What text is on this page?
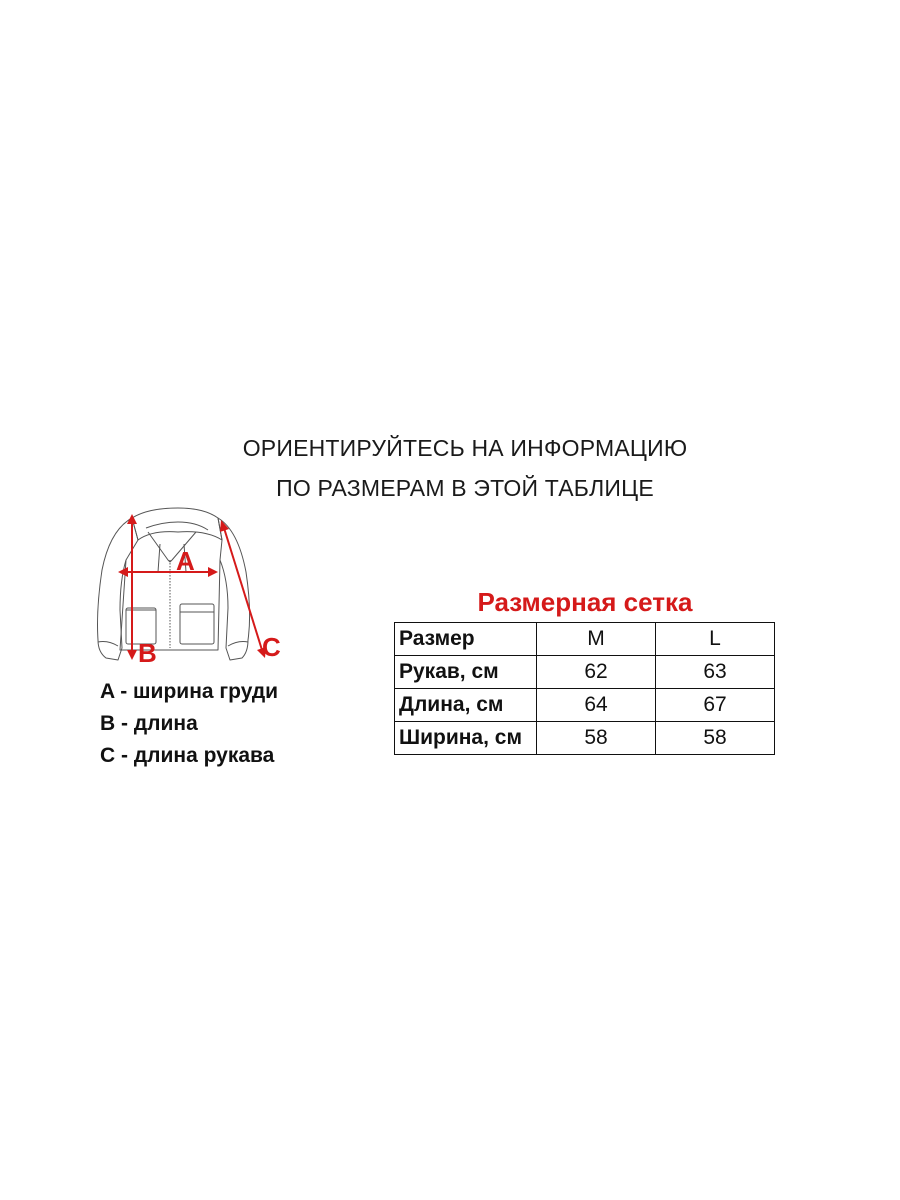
ОРИЕНТИРУЙТЕСЬ НА ИНФОРМАЦИЮ
ПО РАЗМЕРАМ В ЭТОЙ ТАБЛИЦЕ
A
B	C
A - ширина груди
B - длина
C - длина рукава
Размерная сетка
Размер	M	L
Рукав, см	62	63
Длина, см	64	67
Ширина, см	58	58
